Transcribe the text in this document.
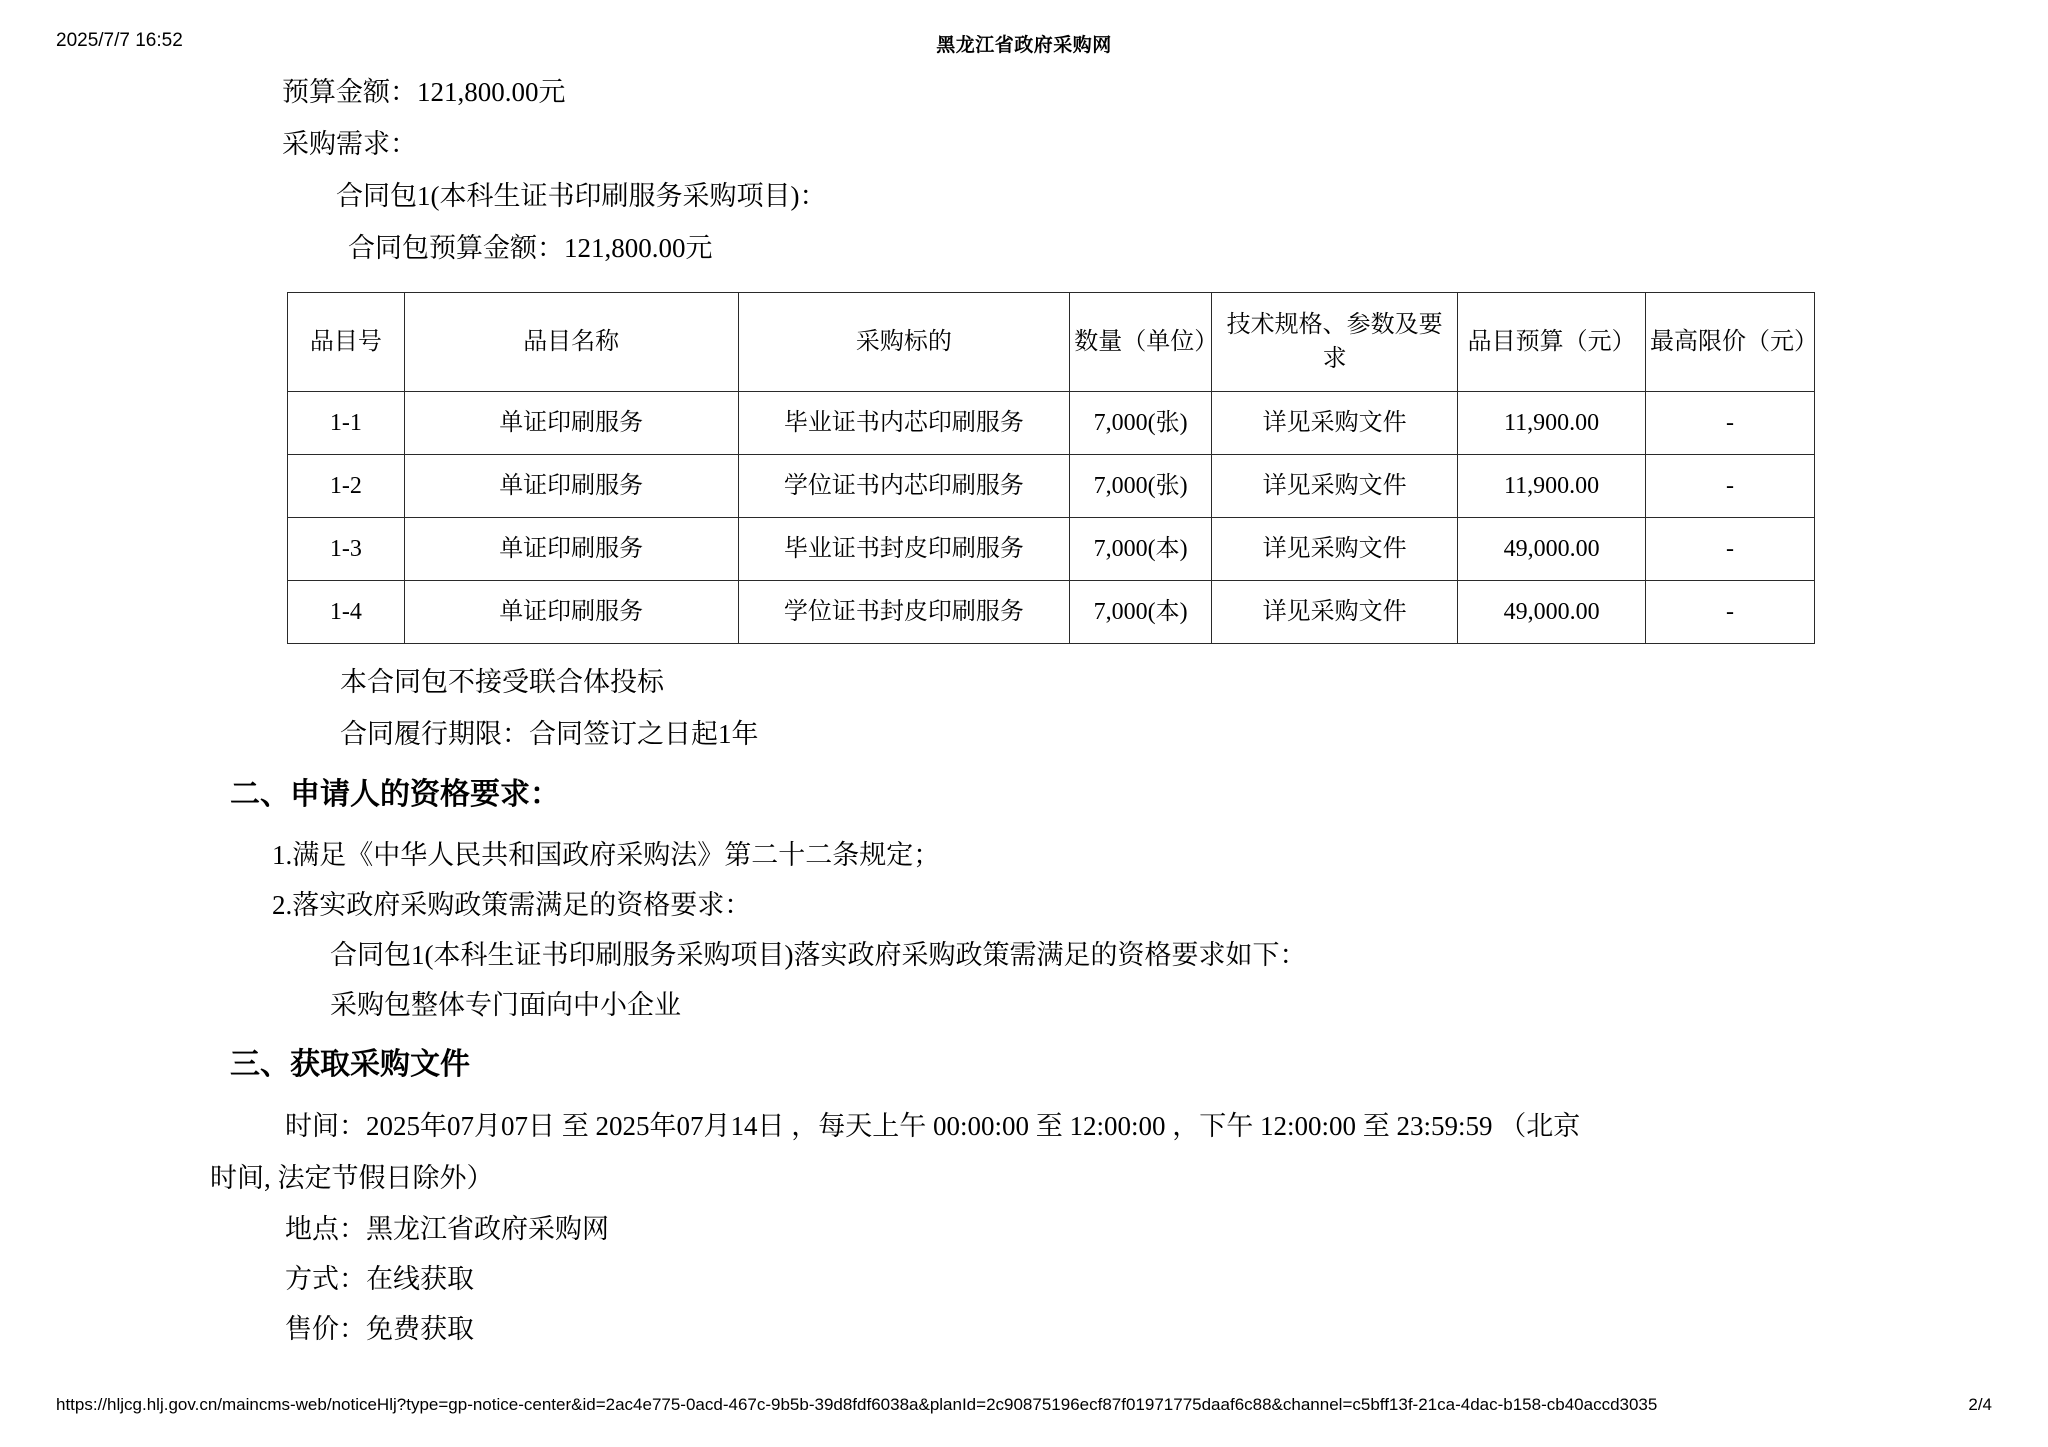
2025/7/7 16:52	黑龙江省政府采购网

预算金额：121,800.00元

采购需求：

合同包1(本科生证书印刷服务采购项目)：

合同包预算金额：121,800.00元

品目号	品目名称	采购标的	数量（单位）	技术规格、参数及要求	品目预算（元）	最高限价（元）
1-1	单证印刷服务	毕业证书内芯印刷服务	7,000(张)	详见采购文件	11,900.00	-
1-2	单证印刷服务	学位证书内芯印刷服务	7,000(张)	详见采购文件	11,900.00	-
1-3	单证印刷服务	毕业证书封皮印刷服务	7,000(本)	详见采购文件	49,000.00	-
1-4	单证印刷服务	学位证书封皮印刷服务	7,000(本)	详见采购文件	49,000.00	-

本合同包不接受联合体投标

合同履行期限：合同签订之日起1年

二、申请人的资格要求：

1.满足《中华人民共和国政府采购法》第二十二条规定；

2.落实政府采购政策需满足的资格要求：

合同包1(本科生证书印刷服务采购项目)落实政府采购政策需满足的资格要求如下：

采购包整体专门面向中小企业

三、获取采购文件

时间：2025年07月07日 至 2025年07月14日 ，每天上午 00:00:00 至 12:00:00 ，下午 12:00:00 至 23:59:59 （北京
时间, 法定节假日除外）

地点：黑龙江省政府采购网

方式：在线获取

售价：免费获取

https://hljcg.hlj.gov.cn/maincms-web/noticeHlj?type=gp-notice-center&id=2ac4e775-0acd-467c-9b5b-39d8fdf6038a&planId=2c90875196ecf87f01971775daaf6c88&channel=c5bff13f-21ca-4dac-b158-cb40accd3035	2/4
